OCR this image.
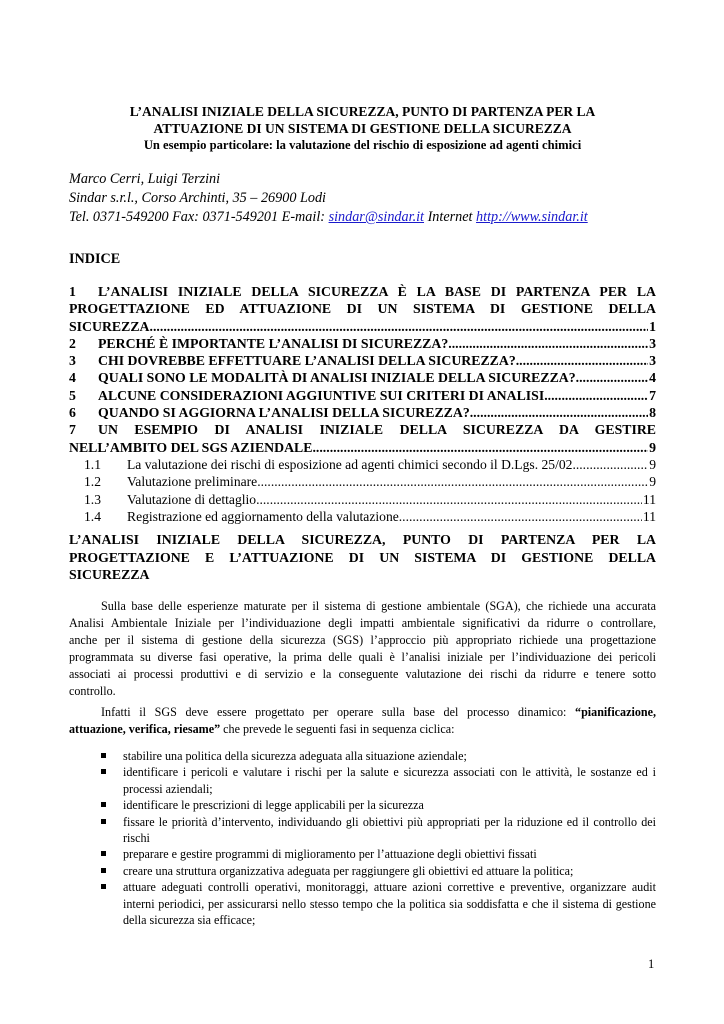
L’ANALISI INIZIALE DELLA SICUREZZA, PUNTO DI PARTENZA PER LA
ATTUAZIONE DI UN SISTEMA DI GESTIONE DELLA SICUREZZA
Un esempio particolare: la valutazione del rischio di esposizione ad agenti chimici
Marco Cerri, Luigi Terzini
Sindar s.r.l., Corso Archinti, 35 – 26900 Lodi
Tel. 0371-549200 Fax: 0371-549201 E-mail: sindar@sindar.it Internet http://www.sindar.it
INDICE
1 L’ANALISI INIZIALE DELLA SICUREZZA È LA BASE DI PARTENZA PER LA
PROGETTAZIONE ED ATTUAZIONE DI UN SISTEMA DI GESTIONE DELLA
SICUREZZA .....	1
2	PERCHÉ È IMPORTANTE L’ANALISI DI SICUREZZA? .....	3
3	CHI DOVREBBE EFFETTUARE L’ANALISI DELLA SICUREZZA? .....	3
4	QUALI SONO LE MODALITÀ DI ANALISI INIZIALE DELLA SICUREZZA? .....	4
5	ALCUNE CONSIDERAZIONI AGGIUNTIVE SUI CRITERI DI ANALISI .....	7
6	QUANDO SI AGGIORNA L’ANALISI DELLA SICUREZZA? .....	8
7 UN ESEMPIO DI ANALISI INIZIALE DELLA SICUREZZA DA GESTIRE
NELL’AMBITO DEL SGS AZIENDALE .....	9
1.1	La valutazione dei rischi di esposizione ad agenti chimici secondo il D.Lgs. 25/02 .....	9
1.2	Valutazione preliminare .....	9
1.3	Valutazione di dettaglio .....	11
1.4	Registrazione ed aggiornamento della valutazione .....	11
L’ANALISI INIZIALE DELLA SICUREZZA, PUNTO DI PARTENZA PER LA
PROGETTAZIONE E L’ATTUAZIONE DI UN SISTEMA DI GESTIONE DELLA
SICUREZZA
Sulla base delle esperienze maturate per il sistema di gestione ambientale (SGA), che richiede una accurata
Analisi Ambientale Iniziale per l’individuazione degli impatti ambientale significativi da ridurre o controllare,
anche per il sistema di gestione della sicurezza (SGS) l’approccio più appropriato richiede una progettazione
programmata su diverse fasi operative, la prima delle quali è l’analisi iniziale per l’individuazione dei pericoli
associati ai processi produttivi e di servizio e la conseguente valutazione dei rischi da ridurre e tenere sotto
controllo.
Infatti il SGS deve essere progettato per operare sulla base del processo dinamico: “pianificazione,
attuazione, verifica, riesame” che prevede le seguenti fasi in sequenza ciclica:
stabilire una politica della sicurezza adeguata alla situazione aziendale;
identificare i pericoli e valutare i rischi per la salute e sicurezza associati con le attività, le sostanze ed i processi aziendali;
identificare le prescrizioni di legge applicabili per la sicurezza
fissare le priorità d’intervento, individuando gli obiettivi più appropriati per la riduzione ed il controllo dei rischi
preparare e gestire programmi di miglioramento per l’attuazione degli obiettivi fissati
creare una struttura organizzativa adeguata per raggiungere gli obiettivi ed attuare la politica;
attuare adeguati controlli operativi, monitoraggi, attuare azioni correttive e preventive, organizzare audit interni periodici, per assicurarsi nello stesso tempo che la politica sia soddisfatta e che il sistema di gestione della sicurezza sia efficace;
1
